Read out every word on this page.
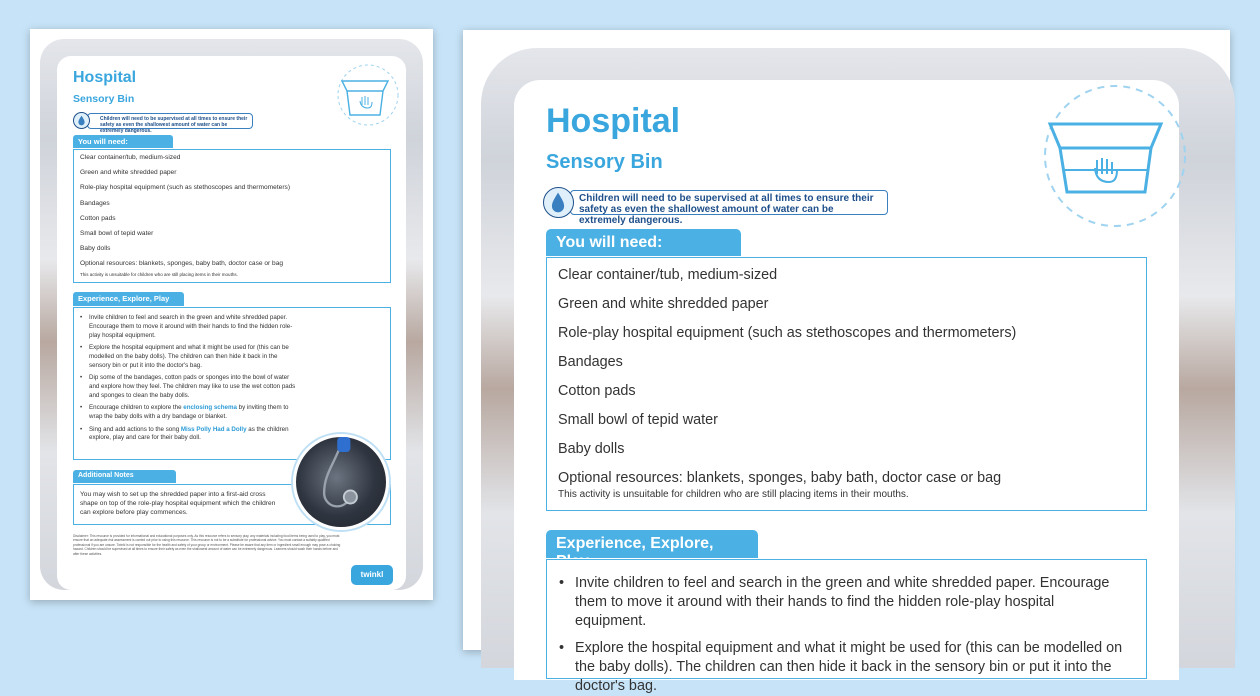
Hospital
Sensory Bin
Children will need to be supervised at all times to ensure their safety as even the shallowest amount of water can be extremely dangerous.
You will need:
Clear container/tub, medium-sized
Green and white shredded paper
Role-play hospital equipment (such as stethoscopes and thermometers)
Bandages
Cotton pads
Small bowl of tepid water
Baby dolls
Optional resources: blankets, sponges, baby bath, doctor case or bag
This activity is unsuitable for children who are still placing items in their mouths.
Experience, Explore, Play
• Invite children to feel and search in the green and white shredded paper. Encourage them to move it around with their hands to find the hidden role-play hospital equipment.
• Explore the hospital equipment and what it might be used for (this can be modelled on the baby dolls). The children can then hide it back in the sensory bin or put it into the doctor's bag.
• Dip some of the bandages, cotton pads or sponges into the bowl of water and explore how they feel. The children may like to use the wet cotton pads and sponges to clean the baby dolls.
• Encourage children to explore the enclosing schema by inviting them to wrap the baby dolls with a dry bandage or blanket.
• Sing and add actions to the song Miss Polly Had a Dolly as the children explore, play and care for their baby doll.
Additional Notes
You may wish to set up the shredded paper into a first-aid cross shape on top of the role-play hospital equipment which the children can explore before play commences.
Disclaimer: This resource is provided for informational and educational purposes only. As this resource refers to sensory play, any materials including food items being used to play, you must ensure that an adequate risk assessment is carried out prior to using this resource. This resource is not to be a substitute for professional advice. You must contact a suitably qualified professional if you are unsure. Twinkl is not responsible for the health and safety of your group or environment. Please be aware that any item or ingredient small enough may pose a choking hazard. Children should be supervised at all times to ensure their safety as even the shallowest amount of water can be extremely dangerous. Learners should wash their hands before and after these activities.
twinkl
Hospital
Sensory Bin
Children will need to be supervised at all times to ensure their safety as even the shallowest amount of water can be extremely dangerous.
You will need:
Clear container/tub, medium-sized
Green and white shredded paper
Role-play hospital equipment (such as stethoscopes and thermometers)
Bandages
Cotton pads
Small bowl of tepid water
Baby dolls
Optional resources: blankets, sponges, baby bath, doctor case or bag
This activity is unsuitable for children who are still placing items in their mouths.
Experience, Explore,
• Invite children to feel and search in the green and white shredded paper. Encourage them to move it around with their hands to find the hidden role-play hospital equipment.
• Explore the hospital equipment and what it might be used for (this can be modelled on the baby dolls). The children can then hide it back in the sensory bin or put it into the doctor's bag.
